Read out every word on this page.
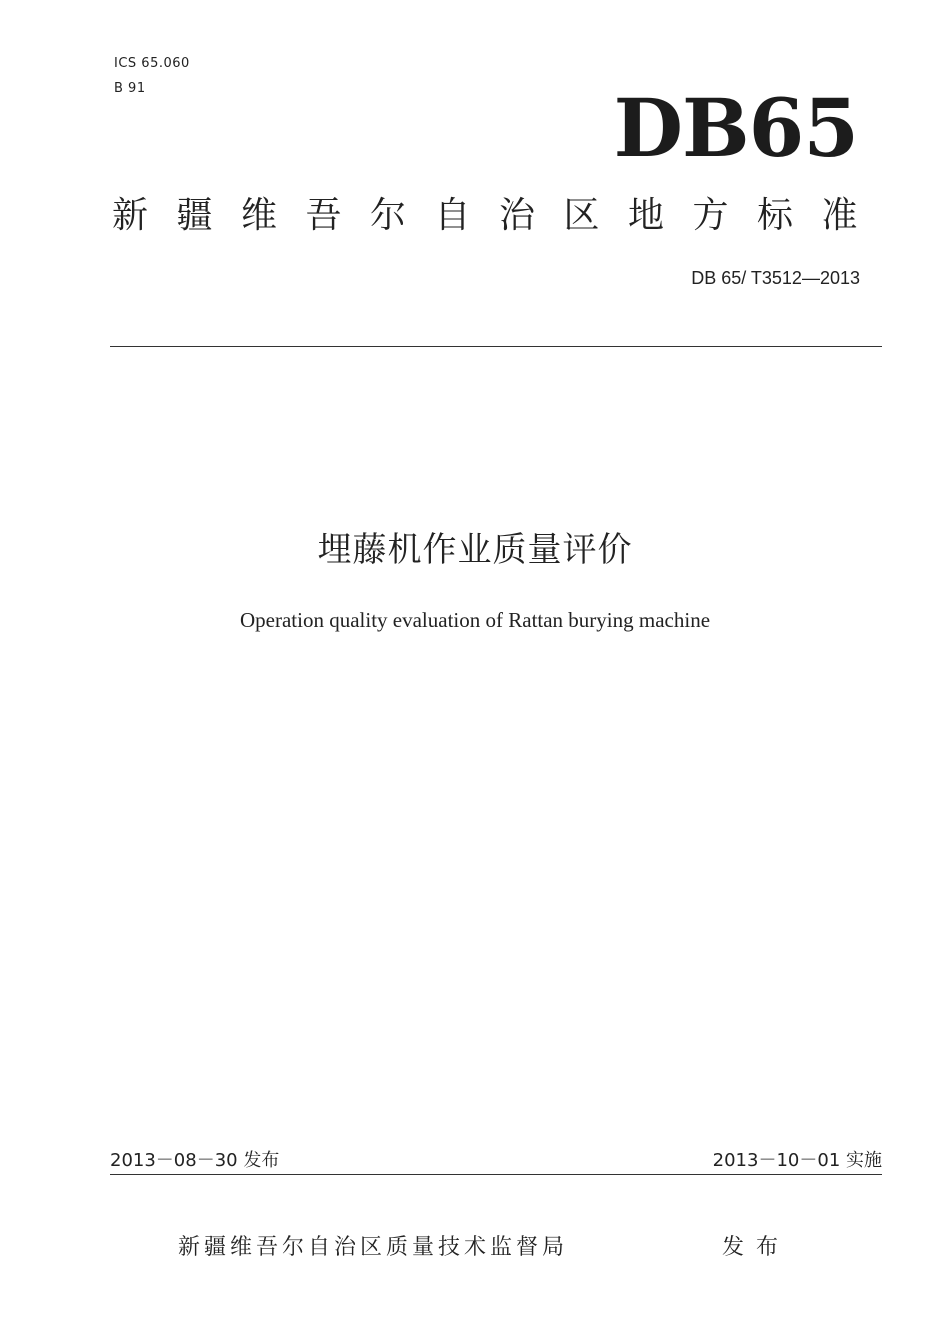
ICS 65.060
B 91	DB65
新疆维吾尔自治区地方标准
DB 65/ T3512—2013
埋藤机作业质量评价
Operation quality evaluation of Rattan burying machine
2013－08－30 发布	2013－10－01 实施
新疆维吾尔自治区质量技术监督局	发布
